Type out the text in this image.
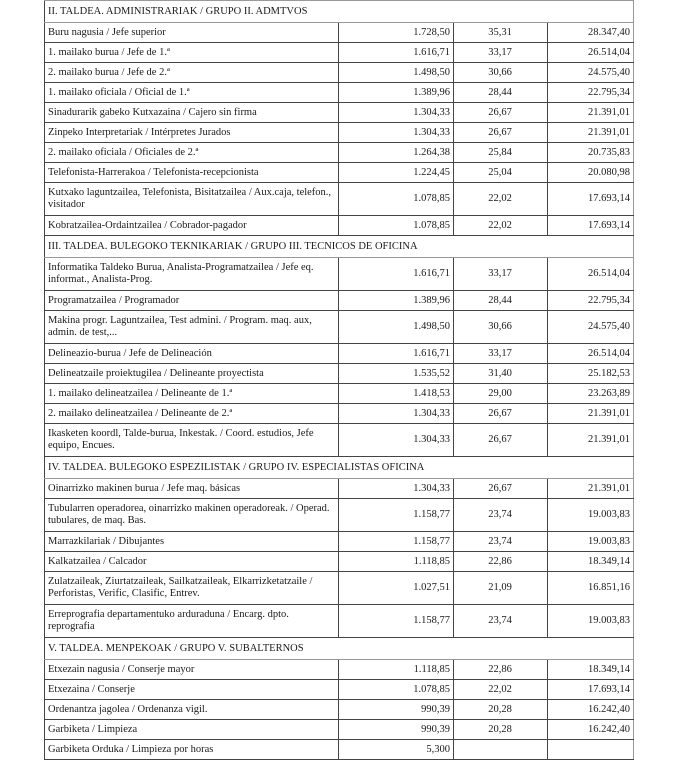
II. TALDEA. ADMINISTRARIAK / GRUPO II. ADMTVOS			
Buru nagusia / Jefe superior	1.728,50	35,31	28.347,40
1. mailako burua / Jefe de 1.ª	1.616,71	33,17	26.514,04
2. mailako burua / Jefe de 2.ª	1.498,50	30,66	24.575,40
1. mailako oficiala / Oficial de 1.ª	1.389,96	28,44	22.795,34
Sinadurarik gabeko Kutxazaina / Cajero sin firma	1.304,33	26,67	21.391,01
Zinpeko Interpretariak / Intérpretes Jurados	1.304,33	26,67	21.391,01
2. mailako oficiala / Oficiales de 2.ª	1.264,38	25,84	20.735,83
Telefonista-Harrerakoa / Telefonista-recepcionista	1.224,45	25,04	20.080,98
Kutxako laguntzailea, Telefonista, Bisitatzailea / Aux.caja, telefon., visitador	1.078,85	22,02	17.693,14
Kobratzailea-Ordaintzailea / Cobrador-pagador	1.078,85	22,02	17.693,14
III. TALDEA. BULEGOKO TEKNIKARIAK / GRUPO III. TECNICOS DE OFICINA			
Informatika Taldeko Burua, Analista-Programatzailea / Jefe eq. informat., Analista-Prog.	1.616,71	33,17	26.514,04
Programatzailea / Programador	1.389,96	28,44	22.795,34
Makina progr. Laguntzailea, Test admini. / Program. maq. aux, admin. de test,...	1.498,50	30,66	24.575,40
Delineazio-burua / Jefe de Delineación	1.616,71	33,17	26.514,04
Delineatzaile proiektugilea / Delineante proyectista	1.535,52	31,40	25.182,53
1. mailako delineatzailea / Delineante de 1.ª	1.418,53	29,00	23.263,89
2. mailako delineatzailea / Delineante de 2.ª	1.304,33	26,67	21.391,01
Ikasketen koordl, Talde-burua, Inkestak. / Coord. estudios, Jefe equipo, Encues.	1.304,33	26,67	21.391,01
IV. TALDEA. BULEGOKO ESPEZILISTAK / GRUPO IV. ESPECIALISTAS OFICINA			
Oinarrizko makinen burua / Jefe maq. básicas	1.304,33	26,67	21.391,01
Tubularren operadorea, oinarrizko makinen operadoreak. / Operad. tubulares, de maq. Bas.	1.158,77	23,74	19.003,83
Marrazkilariak / Dibujantes	1.158,77	23,74	19.003,83
Kalkatzailea / Calcador	1.118,85	22,86	18.349,14
Zulatzaileak, Ziurtatzaileak, Sailkatzaileak, Elkarrizketatzaile / Perforistas, Verific, Clasific, Entrev.	1.027,51	21,09	16.851,16
Erreprografia departamentuko arduraduna / Encarg. dpto. reprografia	1.158,77	23,74	19.003,83
V. TALDEA. MENPEKOAK / GRUPO V. SUBALTERNOS			
Etxezain nagusia / Conserje mayor	1.118,85	22,86	18.349,14
Etxezaina / Conserje	1.078,85	22,02	17.693,14
Ordenantza jagolea / Ordenanza vigil.	990,39	20,28	16.242,40
Garbiketa / Limpieza	990,39	20,28	16.242,40
Garbiketa Orduka / Limpieza por horas	5,300		
